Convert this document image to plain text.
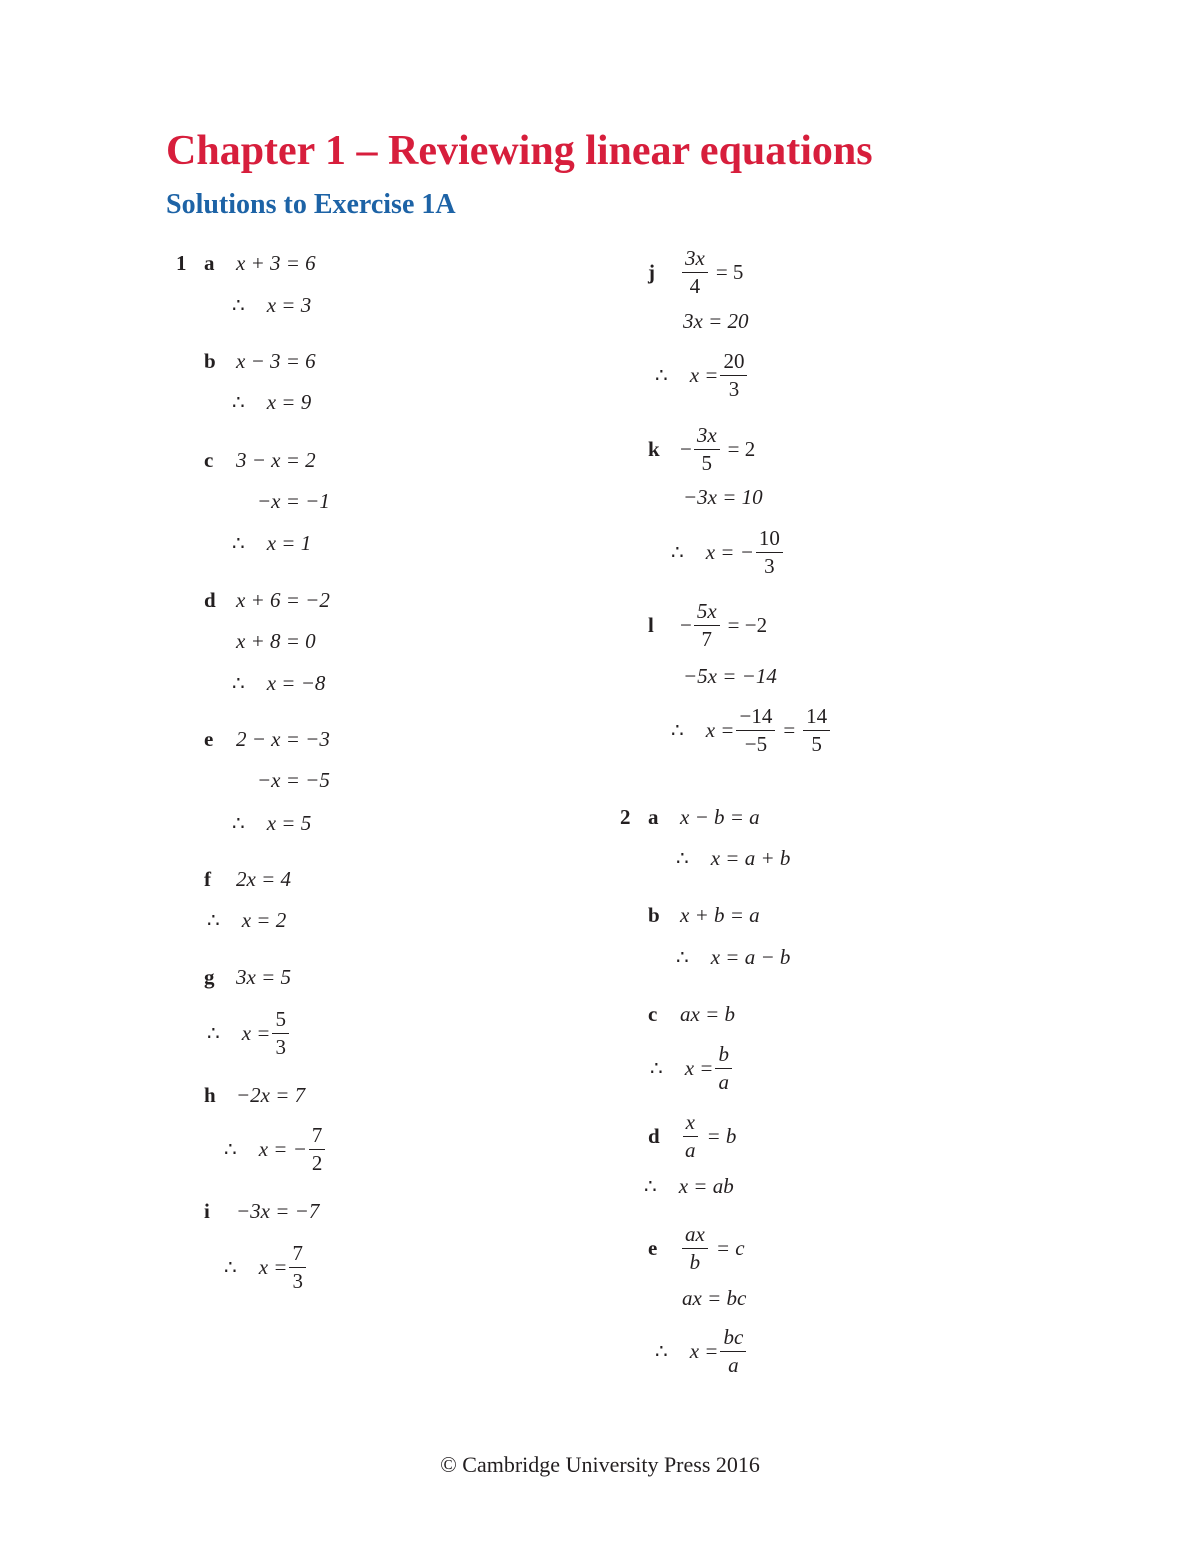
Chapter 1 – Reviewing linear equations
Solutions to Exercise 1A
1 a	x + 3 = 6
∴ x = 3
b x − 3 = 6
∴ x = 9
c	3 − x = 2
−x = −1
∴ x = 1
d x + 6 = −2
x + 8 = 0
∴ x = −8
e	2 − x = −3
−x = −5
∴ x = 5
f	2x = 4
∴ x = 2
g	3x = 5
∴ $x = \frac{5}{3}$
h −2x = 7
∴ x = − $\frac{7}{2}$
i	−3x = −7
∴ $x = \frac{7}{3}$
j	$\frac{3x}{4} = 5$
3x = 20
∴ $x = \frac{20}{3}$
$k - \frac{3x}{5} = 2$
−3x = 10
∴ x = − $\frac{10}{3}$
l	− $\frac{5x}{7} = -2$
−5x = −14
∴ $x = \frac{-14}{-5} = \frac{14}{5}$
2 a	x − b = a
∴ x = a + b
b x + b = a
∴ x = a − b
c	ax = b
∴ $x = \frac{b}{a}$
d	$\frac{x}{a} = b$
∴ x = ab
e	$\frac{ax}{b} = c$
ax = bc
∴ $x = \frac{bc}{a}$
© Cambridge University Press 2016
